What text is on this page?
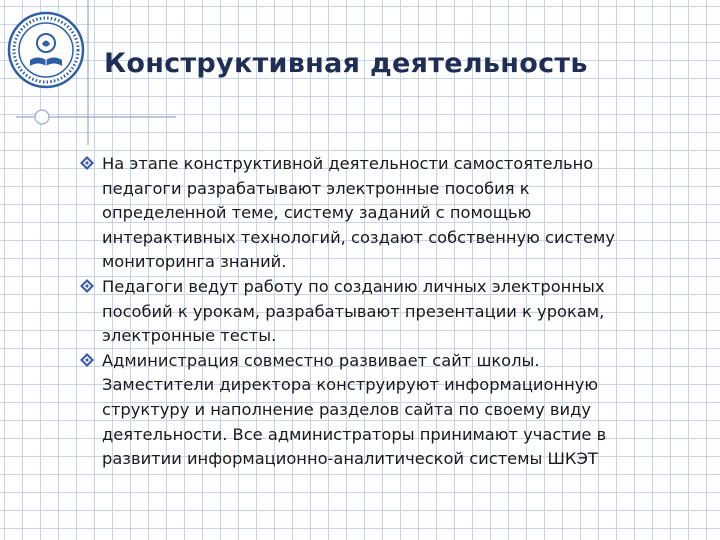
Конструктивная деятельность
На этапе конструктивной деятельности самостоятельно педагоги разрабатывают электронные пособия к определенной теме, систему заданий с помощью интерактивных технологий, создают собственную систему мониторинга знаний.
Педагоги ведут работу по созданию личных электронных пособий к урокам, разрабатывают презентации к урокам, электронные тесты.
Администрация совместно развивает сайт школы. Заместители директора конструируют информационную структуру и наполнение разделов сайта по своему виду деятельности. Все администраторы принимают участие в развитии информационно-аналитической системы ШКЭТ
